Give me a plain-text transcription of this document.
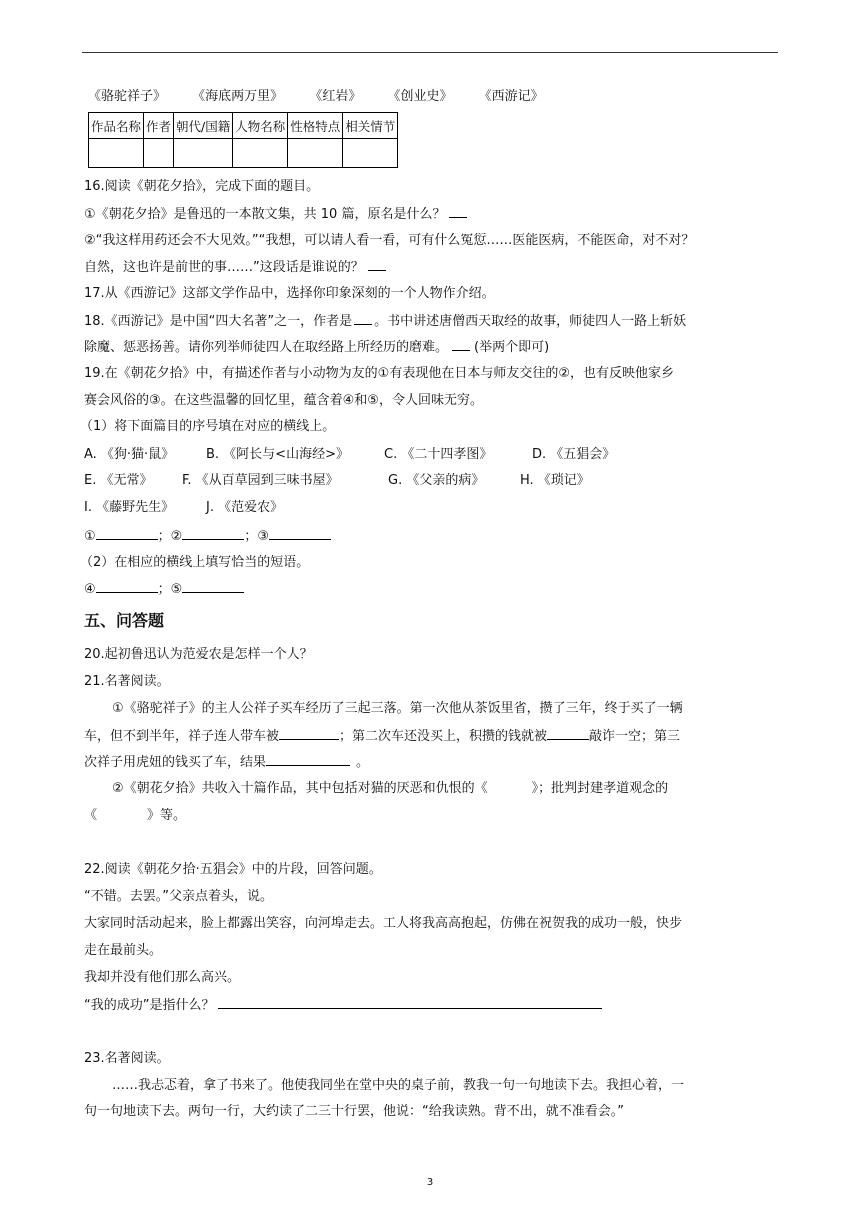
《骆驼祥子》 《海底两万里》 《红岩》 《创业史》 《西游记》
作品名称	作者	朝代/国籍	人物名称	性格特点	相关情节

16.阅读《朝花夕拾》，完成下面的题目。
①《朝花夕拾》是鲁迅的一本散文集，共 10 篇，原名是什么？
②“我这样用药还会不大见效。”“我想，可以请人看一看，可有什么冤愆……医能医病，不能医命，对不对？
自然，这也许是前世的事……”这段话是谁说的？
17.从《西游记》这部文学作品中，选择你印象深刻的一个人物作介绍。
18.《西游记》是中国“四大名著”之一，作者是 。书中讲述唐僧西天取经的故事，师徒四人一路上斩妖
除魔、惩恶扬善。请你列举师徒四人在取经路上所经历的磨难。 (举两个即可)
19.在《朝花夕拾》中，有描述作者与小动物为友的①有表现他在日本与师友交往的②，也有反映他家乡
赛会风俗的③。在这些温馨的回忆里，蕴含着④和⑤，令人回味无穷。
（1）将下面篇目的序号填在对应的横线上。
A. 《狗·猫·鼠》 B. 《阿长与<山海经>》	C. 《二十四孝图》	D. 《五猖会》
E. 《无常》 F. 《从百草园到三味书屋》	G. 《父亲的病》	H. 《琐记》
I. 《藤野先生》 J. 《范爱农》
①	；②	；③
（2）在相应的横线上填写恰当的短语。
④	；⑤
五、问答题
20.起初鲁迅认为范爱农是怎样一个人？
21.名著阅读。
①《骆驼祥子》的主人公祥子买车经历了三起三落。第一次他从茶饭里省，攒了三年，终于买了一辆
车，但不到半年，祥子连人带车被	；第二次车还没买上，积攒的钱就被	敲诈一空；第三
次祥子用虎妞的钱买了车，结果	。
②《朝花夕拾》共收入十篇作品，其中包括对猫的厌恶和仇恨的《	》；批判封建孝道观念的
《	》等。
22.阅读《朝花夕拾·五猖会》中的片段，回答问题。
“不错。去罢。”父亲点着头，说。
大家同时活动起来，脸上都露出笑容，向河埠走去。工人将我高高抱起，仿佛在祝贺我的成功一般，快步
走在最前头。
我却并没有他们那么高兴。
“我的成功”是指什么？
23.名著阅读。
……我忐忑着，拿了书来了。他使我同坐在堂中央的桌子前，教我一句一句地读下去。我担心着，一
句一句地读下去。两句一行，大约读了二三十行罢，他说：“给我读熟。背不出，就不准看会。”
3
